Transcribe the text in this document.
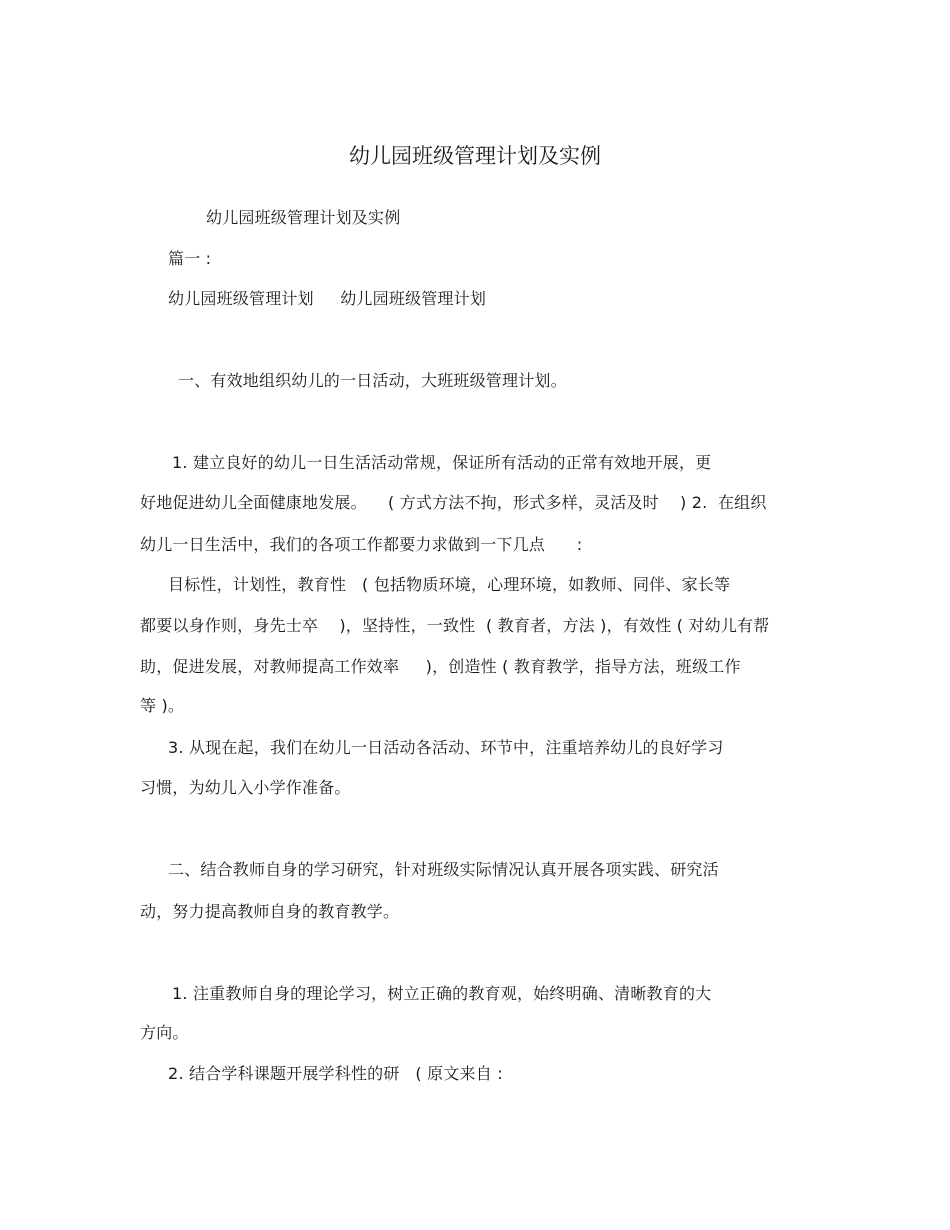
幼儿园班级管理计划及实例
幼儿园班级管理计划及实例
篇一 :
幼儿园班级管理计划     幼儿园班级管理计划
一、有效地组织幼儿的一日活动，大班班级管理计划。
1. 建立良好的幼儿一日生活活动常规，保证所有活动的正常有效地开展，更
好地促进幼儿全面健康地发展。    ( 方式方法不拘，形式多样，灵活及时    ) 2.  在组织
幼儿一日生活中，我们的各项工作都要力求做到一下几点      :
目标性，计划性，教育性   ( 包括物质环境，心理环境，如教师、同伴、家长等
都要以身作则，身先士卒    )，坚持性，一致性  ( 教育者，方法 )，有效性 ( 对幼儿有帮
助，促进发展，对教师提高工作效率     )，创造性 ( 教育教学，指导方法，班级工作
等 )。
3. 从现在起，我们在幼儿一日活动各活动、环节中，注重培养幼儿的良好学习
习惯，为幼儿入小学作准备。
二、结合教师自身的学习研究，针对班级实际情况认真开展各项实践、研究活
动，努力提高教师自身的教育教学。
1. 注重教师自身的理论学习，树立正确的教育观，始终明确、清晰教育的大
方向。
2. 结合学科课题开展学科性的研   ( 原文来自 :
